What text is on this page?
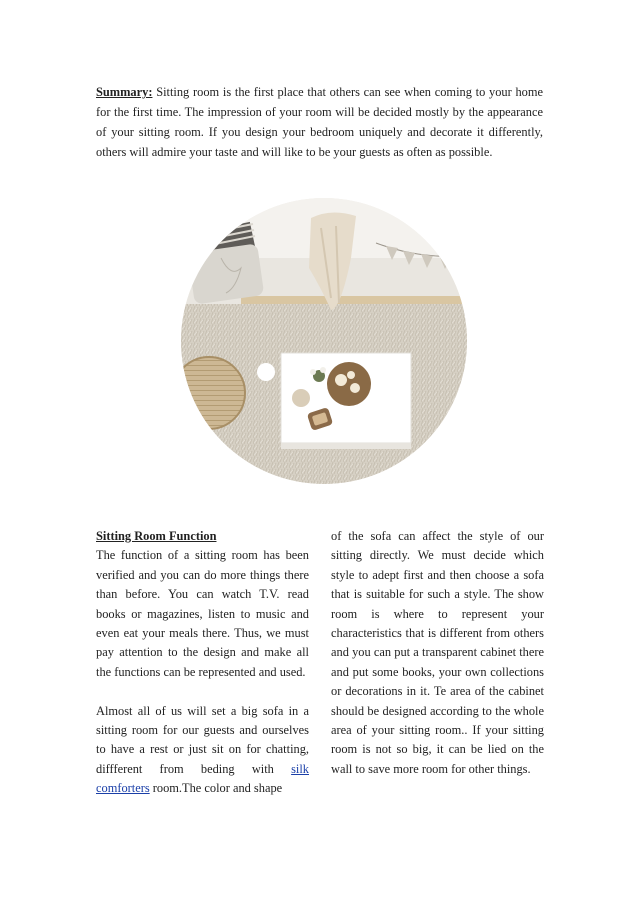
Summary: Sitting room is the first place that others can see when coming to your home for the first time. The impression of your room will be decided mostly by the appearance of your sitting room. If you design your bedroom uniquely and decorate it differently, others will admire your taste and will like to be your guests as often as possible.

Sitting Room Function

The function of a sitting room has been verified and you can do more things there than before. You can watch T.V. read books or magazines, listen to music and even eat your meals there. Thus, we must pay attention to the design and make all the functions can be represented and used.

Almost all of us will set a big sofa in a sitting room for our guests and ourselves to have a rest or just sit on for chatting, diffferent from beding with silk comforters room.The color and shape

of the sofa can affect the style of our sitting directly. We must decide which style to adept first and then choose a sofa that is suitable for such a style. The show room is where to represent your characteristics that is different from others and you can put a transparent cabinet there and put some books, your own collections or decorations in it. Te area of the cabinet should be designed according to the whole area of your sitting room.. If your sitting room is not so big, it can be lied on the wall to save more room for other things.
